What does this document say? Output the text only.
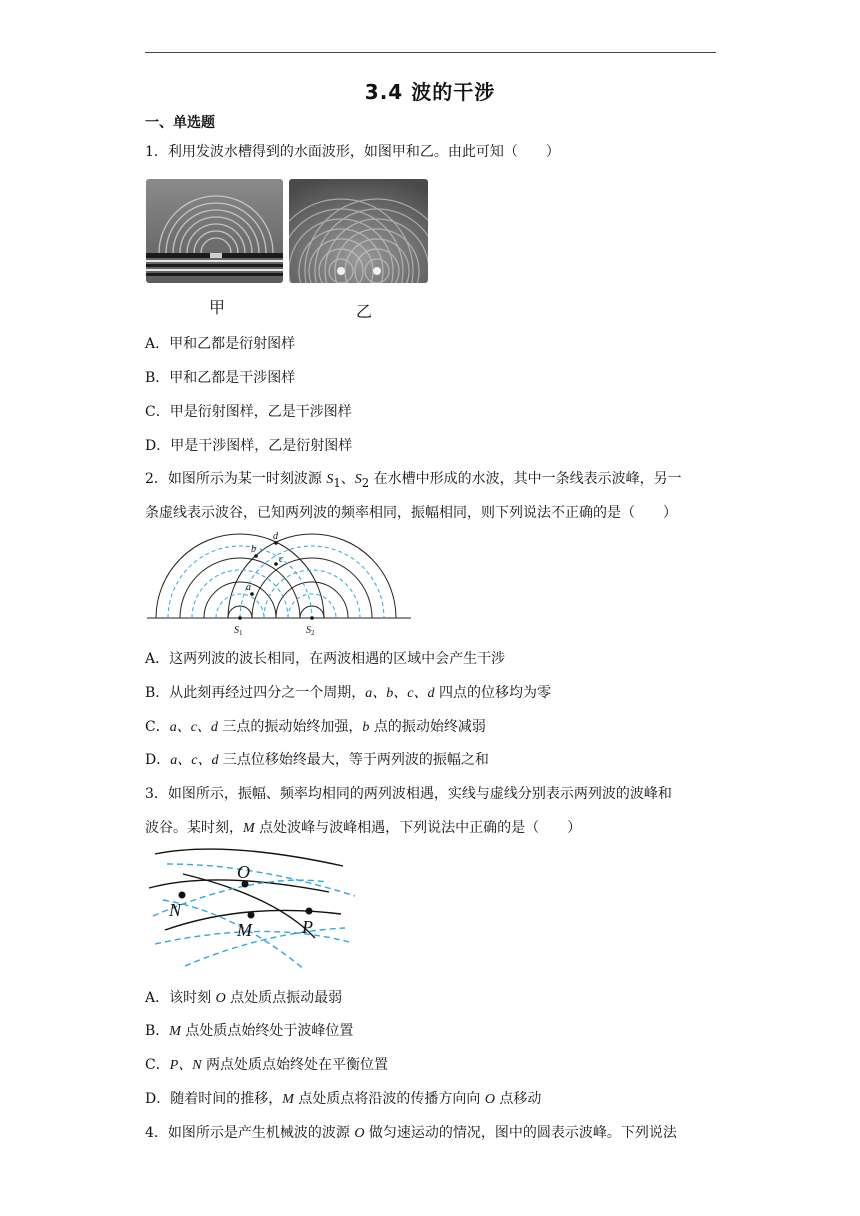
3.4 波的干涉
一、单选题
1．利用发波水槽得到的水面波形，如图甲和乙。由此可知（　　）
甲	乙
A．甲和乙都是衍射图样
B．甲和乙都是干涉图样
C．甲是衍射图样，乙是干涉图样
D．甲是干涉图样，乙是衍射图样
2．如图所示为某一时刻波源 $S_1$、$S_2$ 在水槽中形成的水波，其中一条线表示波峰，另一
条虚线表示波谷，已知两列波的频率相同，振幅相同，则下列说法不正确的是（　　）
a
b
c
d
$S_1$	$S_2$
A．这两列波的波长相同，在两波相遇的区域中会产生干涉
B．从此刻再经过四分之一个周期，a、b、c、d 四点的位移均为零
C．a、c、d 三点的振动始终加强，b 点的振动始终减弱
D．a、c、d 三点位移始终最大，等于两列波的振幅之和
3．如图所示，振幅、频率均相同的两列波相遇，实线与虚线分别表示两列波的波峰和
波谷。某时刻，M 点处波峰与波峰相遇，下列说法中正确的是（　　）
O
N
M	P
A．该时刻 O 点处质点振动最弱
B．M 点处质点始终处于波峰位置
C．P、N 两点处质点始终处在平衡位置
D．随着时间的推移，M 点处质点将沿波的传播方向向 O 点移动
4．如图所示是产生机械波的波源 O 做匀速运动的情况，图中的圆表示波峰。下列说法
